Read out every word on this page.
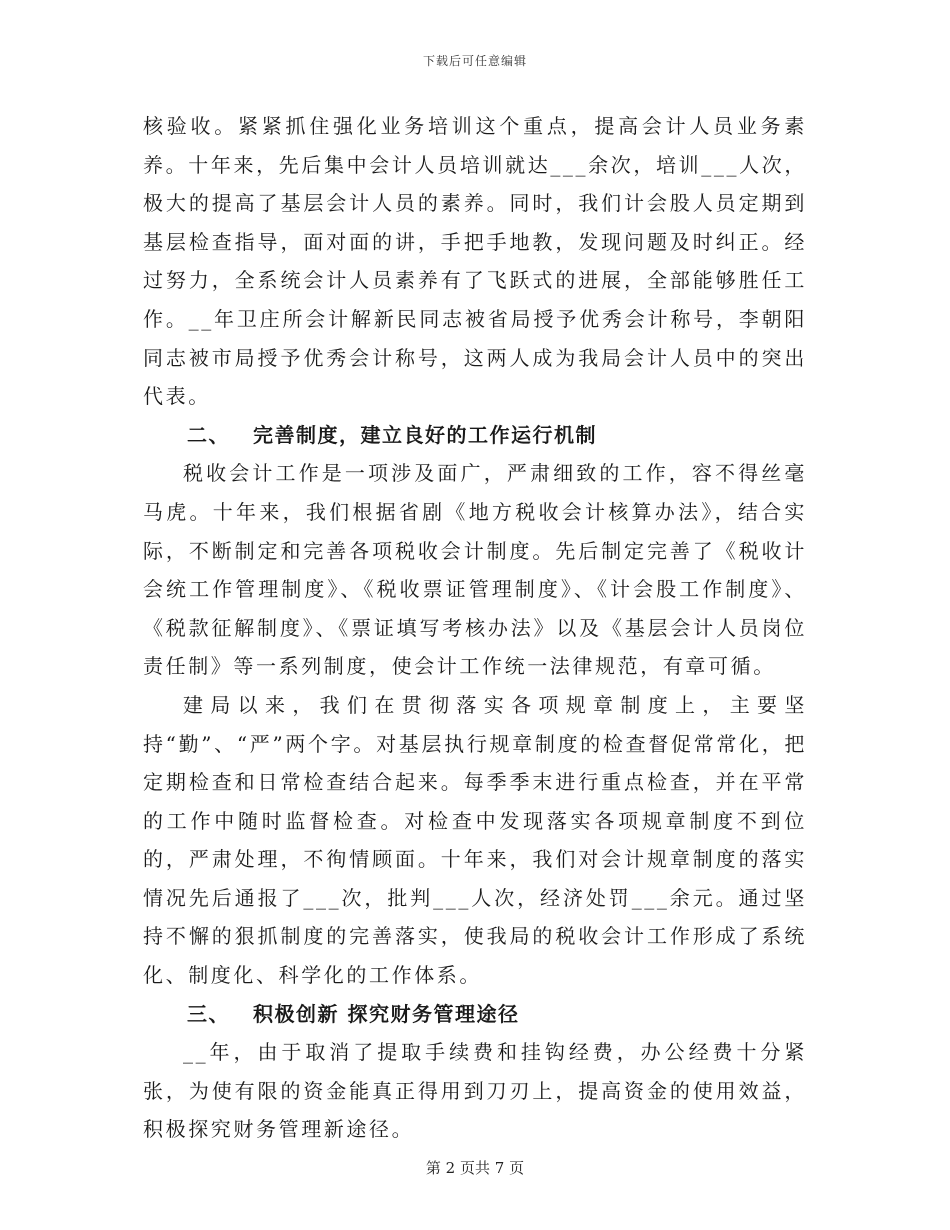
下载后可任意编辑

核验收。紧紧抓住强化业务培训这个重点，提高会计人员业务素养。十年来，先后集中会计人员培训就达___余次，培训___人次，极大的提高了基层会计人员的素养。同时，我们计会股人员定期到基层检查指导，面对面的讲，手把手地教，发现问题及时纠正。经过努力，全系统会计人员素养有了飞跃式的进展，全部能够胜任工作。__年卫庄所会计解新民同志被省局授予优秀会计称号，李朝阳同志被市局授予优秀会计称号，这两人成为我局会计人员中的突出代表。

二、 完善制度，建立良好的工作运行机制

税收会计工作是一项涉及面广，严肃细致的工作，容不得丝毫马虎。十年来，我们根据省剧《地方税收会计核算办法》，结合实际，不断制定和完善各项税收会计制度。先后制定完善了《税收计会统工作管理制度》、《税收票证管理制度》、《计会股工作制度》、《税款征解制度》、《票证填写考核办法》以及《基层会计人员岗位责任制》等一系列制度，使会计工作统一法律规范，有章可循。

建局以来，我们在贯彻落实各项规章制度上，主要坚持“勤”、“严”两个字。对基层执行规章制度的检查督促常常化，把定期检查和日常检查结合起来。每季季末进行重点检查，并在平常的工作中随时监督检查。对检查中发现落实各项规章制度不到位的，严肃处理，不徇情顾面。十年来，我们对会计规章制度的落实情况先后通报了___次，批判___人次，经济处罚___余元。通过坚持不懈的狠抓制度的完善落实，使我局的税收会计工作形成了系统化、制度化、科学化的工作体系。

三、 积极创新 探究财务管理途径

__年，由于取消了提取手续费和挂钩经费，办公经费十分紧张，为使有限的资金能真正得用到刀刃上，提高资金的使用效益，积极探究财务管理新途径。

第 2 页共 7 页
